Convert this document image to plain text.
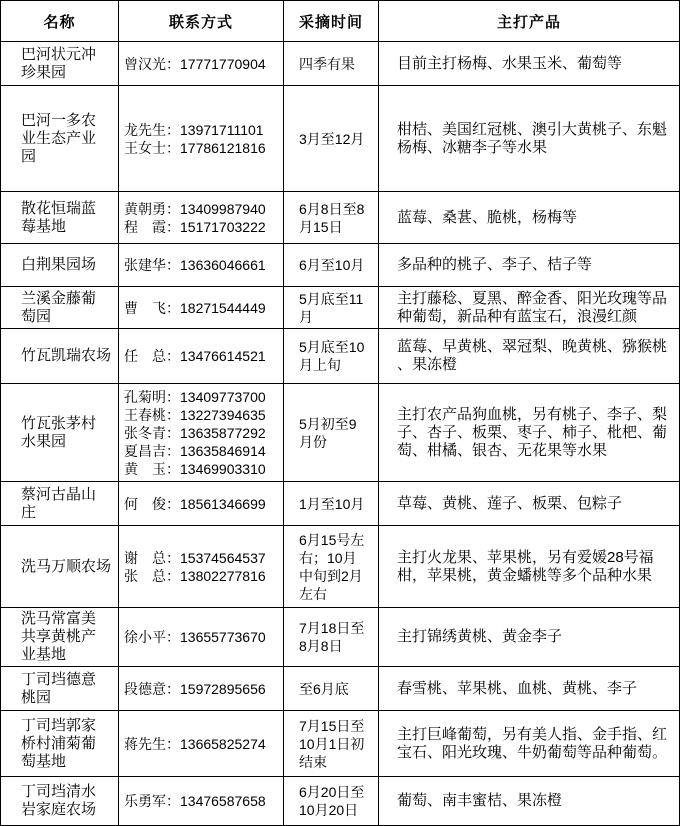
名称	联系方式	采摘时间	主打产品

巴河状元冲
珍果园	曾汉光：17771770904	四季有果	目前主打杨梅、水果玉米、葡萄等

巴河一多农
业生态产业
园	龙先生：13971711101
王女士：17786121816	3月至12月	柑桔、美国红冠桃、澳引大黄桃子、东魁
杨梅、冰糖李子等水果

散花恒瑞蓝
莓基地	黄朝勇：13409987940
程　霞：15171703222	6月8日至8
月15日	蓝莓、桑葚、脆桃，杨梅等

白荆果园场	张建华：13636046661	6月至10月	多品种的桃子、李子、桔子等

兰溪金藤葡
萄园	曹　飞：18271544449	5月底至11
月	主打藤稔、夏黑、醉金香、阳光玫瑰等品
种葡萄，新品种有蓝宝石，浪漫红颜

竹瓦凯瑞农场	任　总：13476614521	5月底至10
月上旬	蓝莓、早黄桃、翠冠梨、晚黄桃、猕猴桃
、果冻橙

竹瓦张茅村
水果园	孔菊明：13409773700
王春桃：13227394635
张冬青：13635877292
夏昌吉：13635846914
黄　玉：13469903310	5月初至9
月份	主打农产品狗血桃，另有桃子、李子、梨
子、杏子、板栗、枣子、柿子、枇杷、葡
萄、柑橘、银杏、无花果等水果

蔡河古晶山
庄	何　俊：18561346699	1月至10月	草莓、黄桃、莲子、板栗、包粽子

洗马万顺农场	谢　总：15374564537
张　总：13802277816	6月15号左
右；10月
中旬到2月
左右	主打火龙果、苹果桃，另有爱媛28号福
柑，苹果桃，黄金蟠桃等多个品种水果

洗马常富美
共享黄桃产
业基地	徐小平：13655773670	7月18日至
8月8日	主打锦绣黄桃、黄金李子

丁司垱德意
桃园	段德意：15972895656	至6月底	春雪桃、苹果桃、血桃、黄桃、李子

丁司垱郭家
桥村浦菊葡
萄基地	蒋先生：13665825274	7月15日至
10月1日初
结束	主打巨峰葡萄，另有美人指、金手指、红
宝石、阳光玫瑰、牛奶葡萄等品种葡萄。

丁司垱清水
岩家庭农场	乐勇军：13476587658	6月20日至
10月20日	葡萄、南丰蜜桔、果冻橙
